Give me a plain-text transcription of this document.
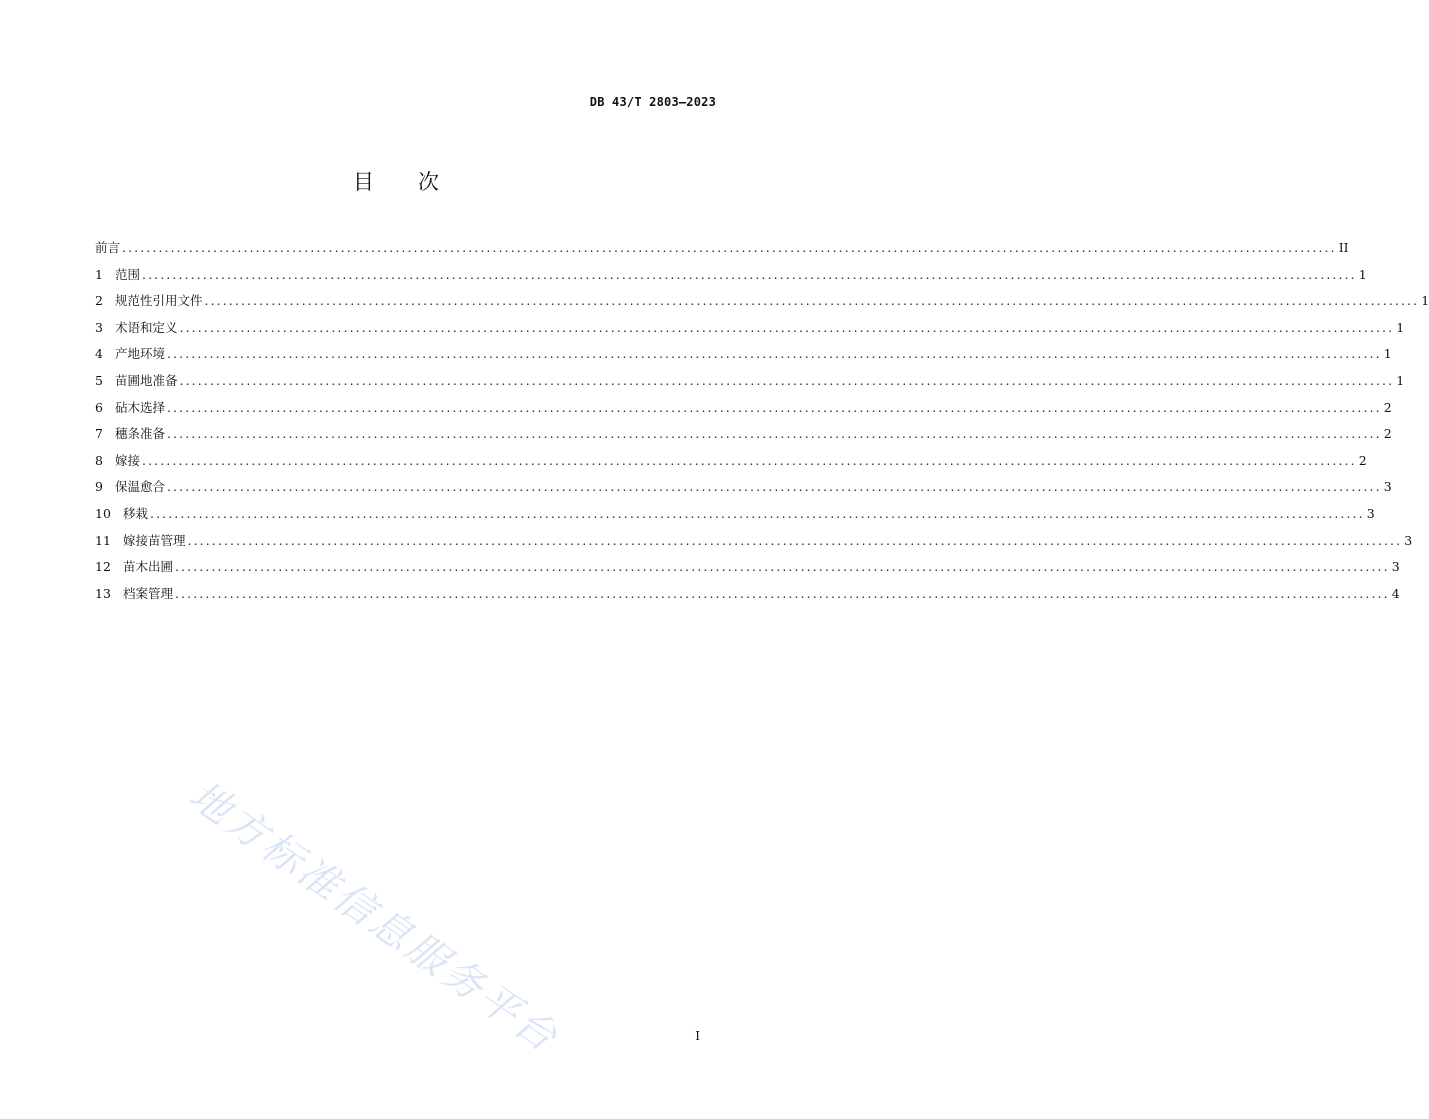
DB 43/T 2803—2023
目次
前言 ........................................................................................................................................................................................................ II
1 范围 ........................................................................................................................................................................................................ 1
2 规范性引用文件 ........................................................................................................................................................................................................ 1
3 术语和定义 ........................................................................................................................................................................................................ 1
4 产地环境 ........................................................................................................................................................................................................ 1
5 苗圃地准备 ........................................................................................................................................................................................................ 1
6 砧木选择 ........................................................................................................................................................................................................ 2
7 穗条准备 ........................................................................................................................................................................................................ 2
8 嫁接 ........................................................................................................................................................................................................ 2
9 保温愈合 ........................................................................................................................................................................................................ 3
10 移栽 ........................................................................................................................................................................................................ 3
11 嫁接苗管理 ........................................................................................................................................................................................................ 3
12 苗木出圃 ........................................................................................................................................................................................................ 3
13 档案管理 ........................................................................................................................................................................................................ 4
地方标准信息服务平台	I
